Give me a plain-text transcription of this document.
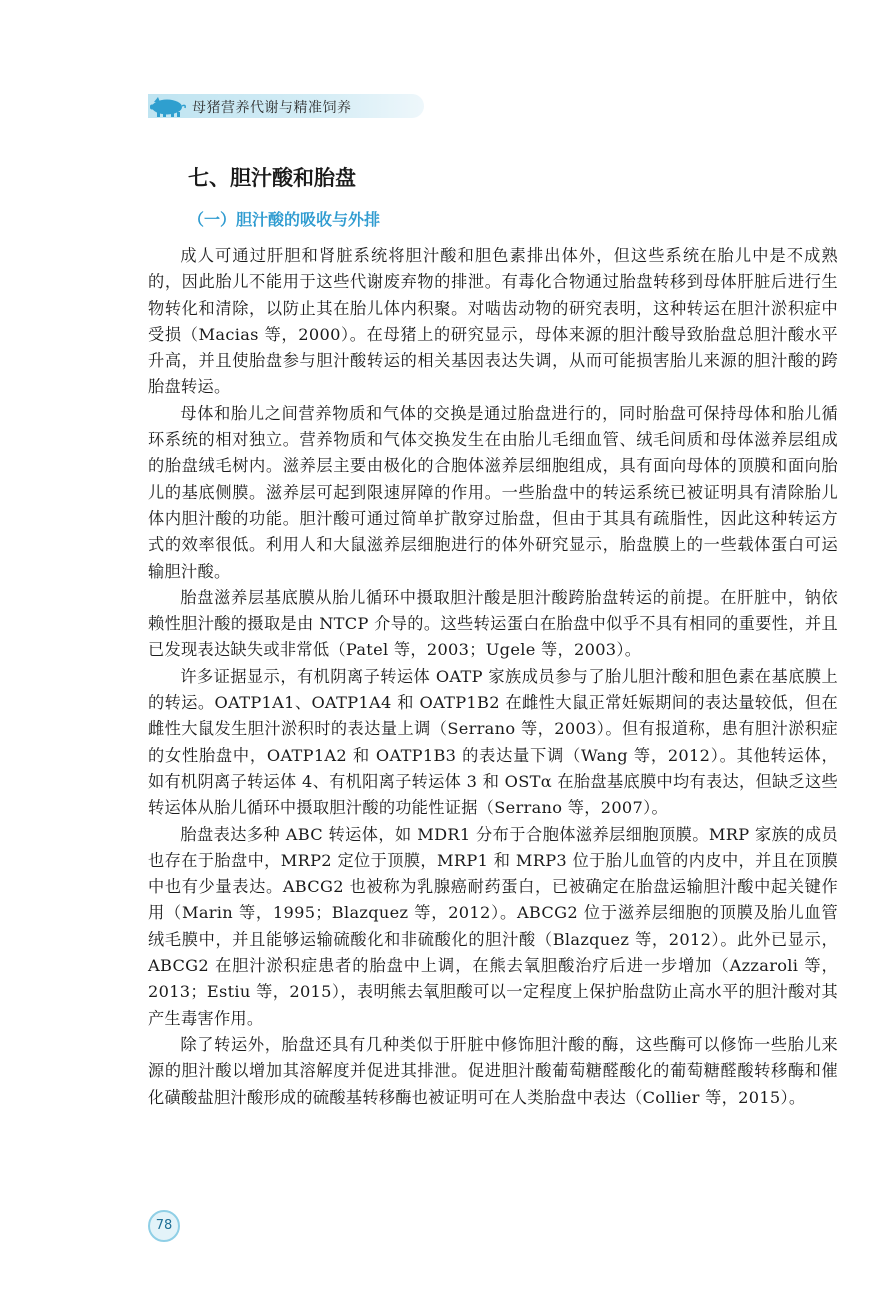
母猪营养代谢与精准饲养
七、胆汁酸和胎盘
（一）胆汁酸的吸收与外排

成人可通过肝胆和肾脏系统将胆汁酸和胆色素排出体外，但这些系统在胎儿中是不成熟的，因此胎儿不能用于这些代谢废弃物的排泄。有毒化合物通过胎盘转移到母体肝脏后进行生物转化和清除，以防止其在胎儿体内积聚。对啮齿动物的研究表明，这种转运在胆汁淤积症中受损（Macias 等，2000）。在母猪上的研究显示，母体来源的胆汁酸导致胎盘总胆汁酸水平升高，并且使胎盘参与胆汁酸转运的相关基因表达失调，从而可能损害胎儿来源的胆汁酸的跨胎盘转运。

母体和胎儿之间营养物质和气体的交换是通过胎盘进行的，同时胎盘可保持母体和胎儿循环系统的相对独立。营养物质和气体交换发生在由胎儿毛细血管、绒毛间质和母体滋养层组成的胎盘绒毛树内。滋养层主要由极化的合胞体滋养层细胞组成，具有面向母体的顶膜和面向胎儿的基底侧膜。滋养层可起到限速屏障的作用。一些胎盘中的转运系统已被证明具有清除胎儿体内胆汁酸的功能。胆汁酸可通过简单扩散穿过胎盘，但由于其具有疏脂性，因此这种转运方式的效率很低。利用人和大鼠滋养层细胞进行的体外研究显示，胎盘膜上的一些载体蛋白可运输胆汁酸。

胎盘滋养层基底膜从胎儿循环中摄取胆汁酸是胆汁酸跨胎盘转运的前提。在肝脏中，钠依赖性胆汁酸的摄取是由 NTCP 介导的。这些转运蛋白在胎盘中似乎不具有相同的重要性，并且已发现表达缺失或非常低（Patel 等，2003；Ugele 等，2003）。

许多证据显示，有机阴离子转运体 OATP 家族成员参与了胎儿胆汁酸和胆色素在基底膜上的转运。OATP1A1、OATP1A4 和 OATP1B2 在雌性大鼠正常妊娠期间的表达量较低，但在雌性大鼠发生胆汁淤积时的表达量上调（Serrano 等，2003）。但有报道称，患有胆汁淤积症的女性胎盘中，OATP1A2 和 OATP1B3 的表达量下调（Wang 等，2012）。其他转运体，如有机阴离子转运体 4、有机阳离子转运体 3 和 OSTα 在胎盘基底膜中均有表达，但缺乏这些转运体从胎儿循环中摄取胆汁酸的功能性证据（Serrano 等，2007）。

胎盘表达多种 ABC 转运体，如 MDR1 分布于合胞体滋养层细胞顶膜。MRP 家族的成员也存在于胎盘中，MRP2 定位于顶膜，MRP1 和 MRP3 位于胎儿血管的内皮中，并且在顶膜中也有少量表达。ABCG2 也被称为乳腺癌耐药蛋白，已被确定在胎盘运输胆汁酸中起关键作用（Marin 等，1995；Blazquez 等，2012）。ABCG2 位于滋养层细胞的顶膜及胎儿血管绒毛膜中，并且能够运输硫酸化和非硫酸化的胆汁酸（Blazquez 等，2012）。此外已显示，ABCG2 在胆汁淤积症患者的胎盘中上调，在熊去氧胆酸治疗后进一步增加（Azzaroli 等，2013；Estiu 等，2015），表明熊去氧胆酸可以一定程度上保护胎盘防止高水平的胆汁酸对其产生毒害作用。

除了转运外，胎盘还具有几种类似于肝脏中修饰胆汁酸的酶，这些酶可以修饰一些胎儿来源的胆汁酸以增加其溶解度并促进其排泄。促进胆汁酸葡萄糖醛酸化的葡萄糖醛酸转移酶和催化磺酸盐胆汁酸形成的硫酸基转移酶也被证明可在人类胎盘中表达（Collier 等，2015）。

78
